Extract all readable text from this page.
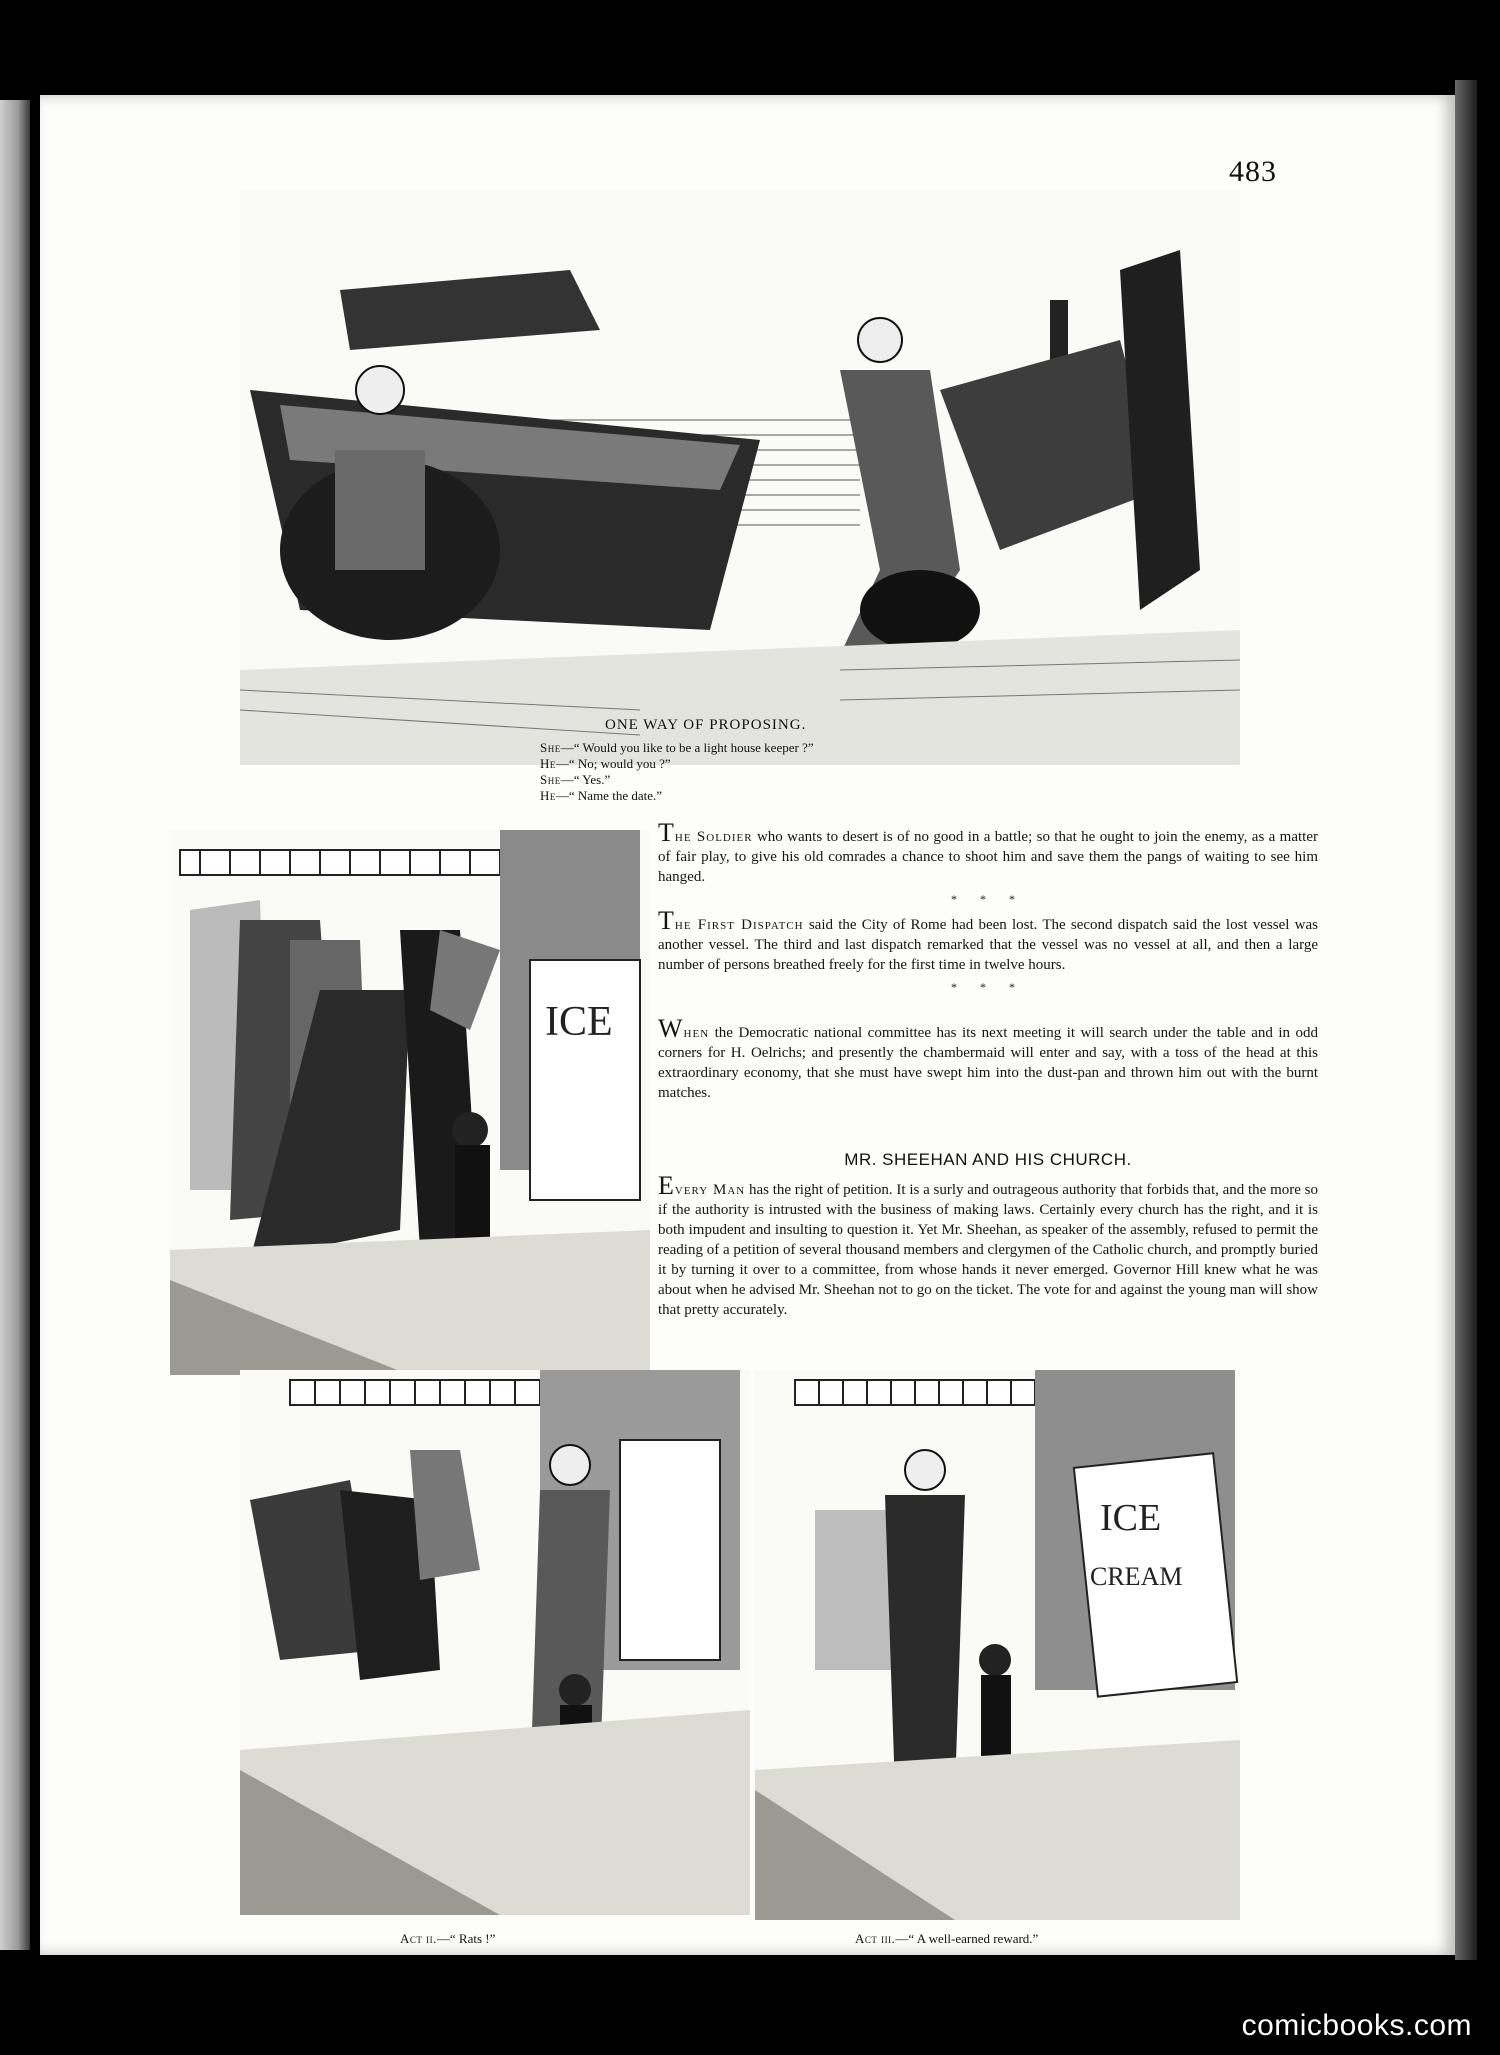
483
ONE WAY OF PROPOSING.
She—“ Would you like to be a light house keeper ?”
He—“ No; would you ?”
She—“ Yes.”
He—“ Name the date.”
ICE

The Soldier who wants to desert is of no good in a battle; so that he ought to join the enemy, as a matter of fair play, to give his old comrades a chance to shoot him and save them the pangs of waiting to see him hanged.

* * *

The First Dispatch said the City of Rome had been lost. The second dispatch said the lost vessel was another vessel. The third and last dispatch remarked that the vessel was no vessel at all, and then a large number of persons breathed freely for the first time in twelve hours.

* * *

When the Democratic national committee has its next meeting it will search under the table and in odd corners for H. Oelrichs; and presently the chambermaid will enter and say, with a toss of the head at this extraordinary economy, that she must have swept him into the dust-pan and thrown him out with the burnt matches.

MR. SHEEHAN AND HIS CHURCH.

Every Man has the right of petition. It is a surly and outrageous authority that forbids that, and the more so if the authority is intrusted with the business of making laws. Certainly every church has the right, and it is both impudent and insulting to question it. Yet Mr. Sheehan, as speaker of the assembly, refused to permit the reading of a petition of several thousand members and clergymen of the Catholic church, and promptly buried it by turning it over to a committee, from whose hands it never emerged. Governor Hill knew what he was about when he advised Mr. Sheehan not to go on the ticket. The vote for and against the young man will show that pretty accurately.

Act ii.—“ Rats !”
ICE
CREAM
Act iii.—“ A well-earned reward.”
comicbooks.com
